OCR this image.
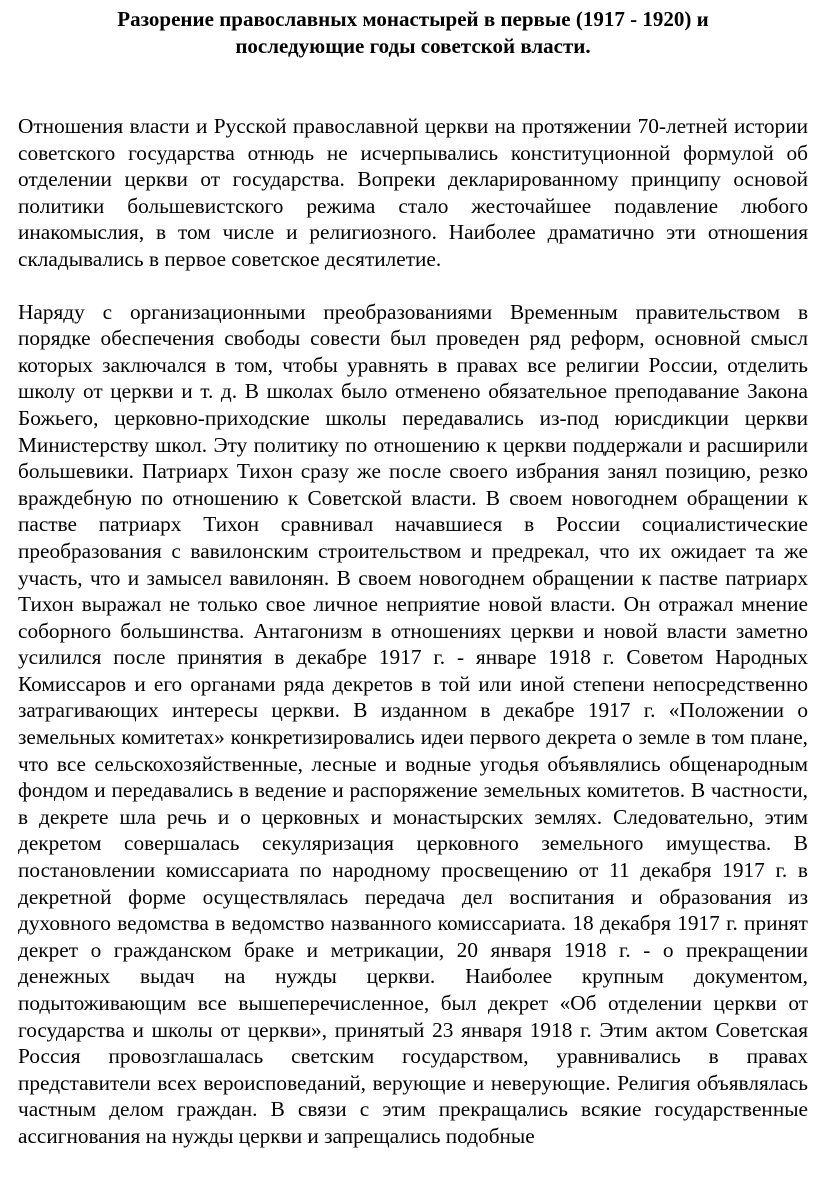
Разорение православных монастырей в первые (1917 - 1920) и
последующие годы советской власти.

Отношения власти и Русской православной церкви на протяжении 70-летней истории советского государства отнюдь не исчерпывались конституционной формулой об отделении церкви от государства. Вопреки декларированному принципу основой политики большевистского режима стало жесточайшее подавление любого инакомыслия, в том числе и религиозного. Наиболее драматично эти отношения складывались в первое советское десятилетие.

Наряду с организационными преобразованиями Временным правительством в порядке обеспечения свободы совести был проведен ряд реформ, основной смысл которых заключался в том, чтобы уравнять в правах все религии России, отделить школу от церкви и т. д. В школах было отменено обязательное преподавание Закона Божьего, церковно-приходские школы передавались из-под юрисдикции церкви Министерству школ. Эту политику по отношению к церкви поддержали и расширили большевики. Патриарх Тихон сразу же после своего избрания занял позицию, резко враждебную по отношению к Советской власти. В своем новогоднем обращении к пастве патриарх Тихон сравнивал начавшиеся в России социалистические преобразования с вавилонским строительством и предрекал, что их ожидает та же участь, что и замысел вавилонян. В своем новогоднем обращении к пастве патриарх Тихон выражал не только свое личное неприятие новой власти. Он отражал мнение соборного большинства. Антагонизм в отношениях церкви и новой власти заметно усилился после принятия в декабре 1917 г. - январе 1918 г. Советом Народных Комиссаров и его органами ряда декретов в той или иной степени непосредственно затрагивающих интересы церкви. В изданном в декабре 1917 г. «Положении о земельных комитетах» конкретизировались идеи первого декрета о земле в том плане, что все сельскохозяйственные, лесные и водные угодья объявлялись общенародным фондом и передавались в ведение и распоряжение земельных комитетов. В частности, в декрете шла речь и о церковных и монастырских землях. Следовательно, этим декретом совершалась секуляризация церковного земельного имущества. В постановлении комиссариата по народному просвещению от 11 декабря 1917 г. в декретной форме осуществлялась передача дел воспитания и образования из духовного ведомства в ведомство названного комиссариата. 18 декабря 1917 г. принят декрет о гражданском браке и метрикации, 20 января 1918 г. - о прекращении денежных выдач на нужды церкви. Наиболее крупным документом, подытоживающим все вышеперечисленное, был декрет «Об отделении церкви от государства и школы от церкви», принятый 23 января 1918 г. Этим актом Советская Россия провозглашалась светским государством, уравнивались в правах представители всех вероисповеданий, верующие и неверующие. Религия объявлялась частным делом граждан. В связи с этим прекращались всякие государственные ассигнования на нужды церкви и запрещались подобные
